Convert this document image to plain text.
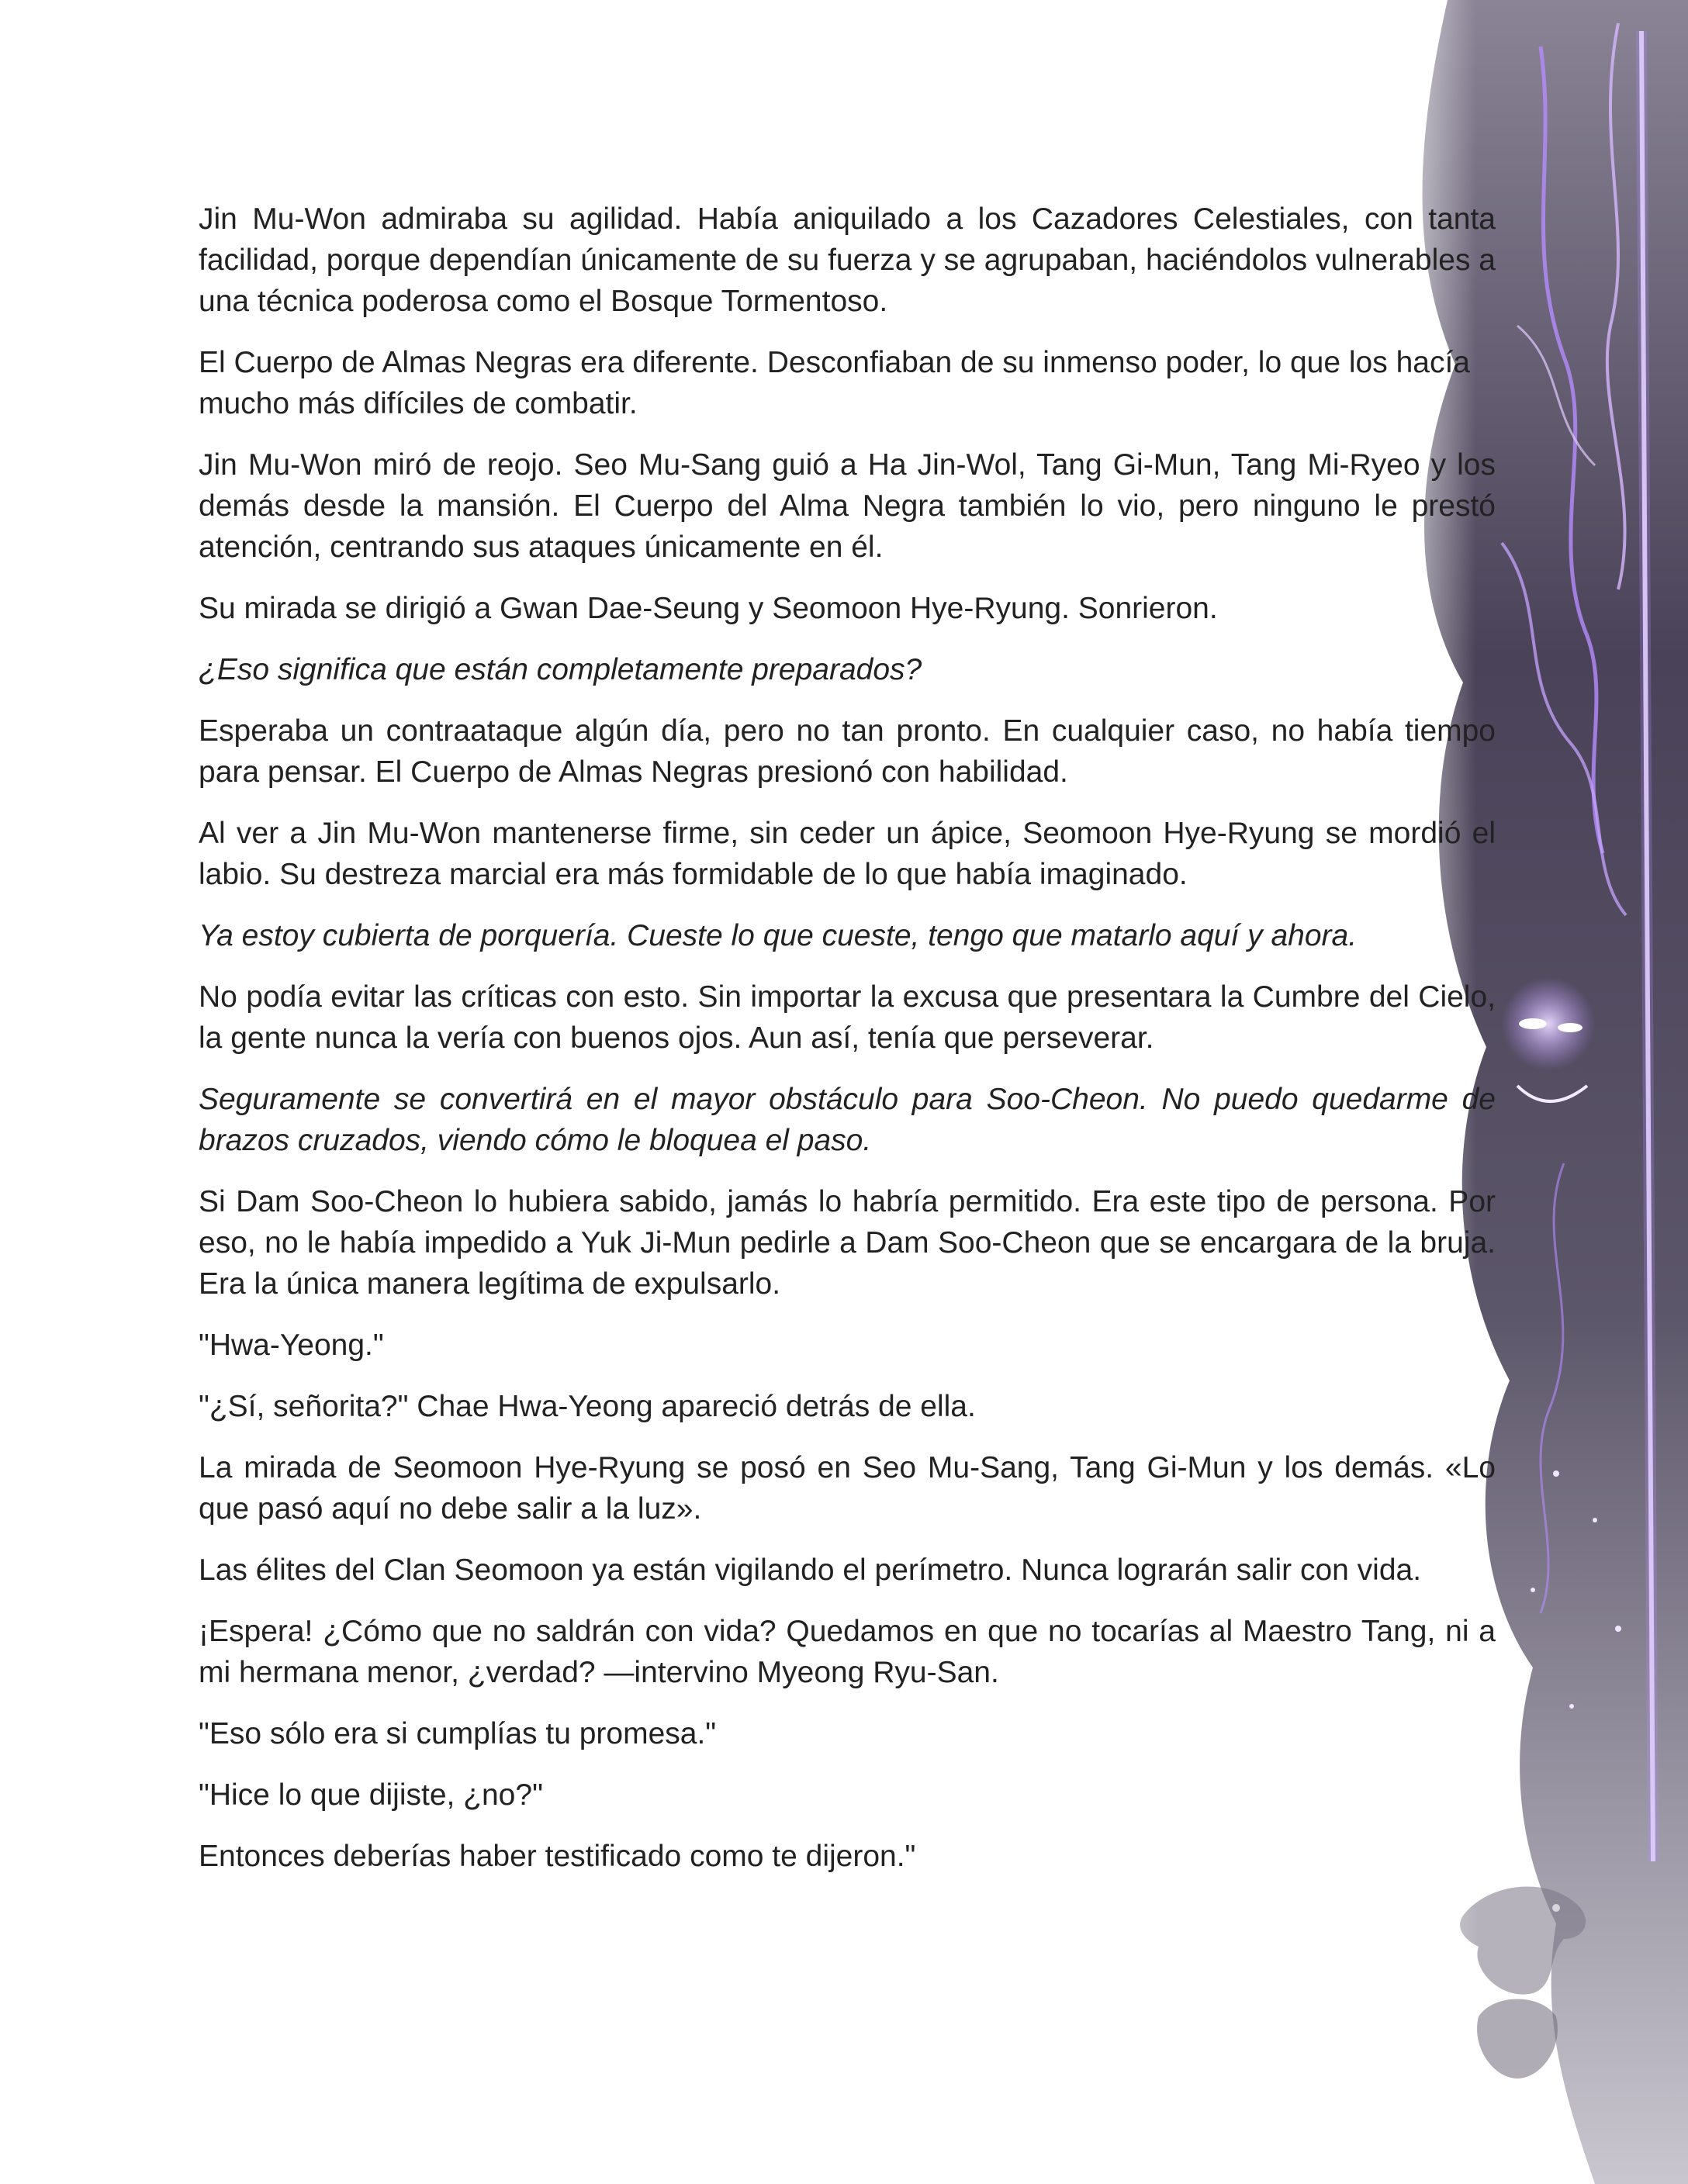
Jin Mu-Won admiraba su agilidad. Había aniquilado a los Cazadores Celestiales, con tanta facilidad, porque dependían únicamente de su fuerza y se agrupaban, haciéndolos vulnerables a una técnica poderosa como el Bosque Tormentoso.

El Cuerpo de Almas Negras era diferente. Desconfiaban de su inmenso poder, lo que los hacía mucho más difíciles de combatir.

Jin Mu-Won miró de reojo. Seo Mu-Sang guió a Ha Jin-Wol, Tang Gi-Mun, Tang Mi-Ryeo y los demás desde la mansión. El Cuerpo del Alma Negra también lo vio, pero ninguno le prestó atención, centrando sus ataques únicamente en él.

Su mirada se dirigió a Gwan Dae-Seung y Seomoon Hye-Ryung. Sonrieron.

¿Eso significa que están completamente preparados?

Esperaba un contraataque algún día, pero no tan pronto. En cualquier caso, no había tiempo para pensar. El Cuerpo de Almas Negras presionó con habilidad.

Al ver a Jin Mu-Won mantenerse firme, sin ceder un ápice, Seomoon Hye-Ryung se mordió el labio. Su destreza marcial era más formidable de lo que había imaginado.

Ya estoy cubierta de porquería. Cueste lo que cueste, tengo que matarlo aquí y ahora.

No podía evitar las críticas con esto. Sin importar la excusa que presentara la Cumbre del Cielo, la gente nunca la vería con buenos ojos. Aun así, tenía que perseverar.

Seguramente se convertirá en el mayor obstáculo para Soo-Cheon. No puedo quedarme de brazos cruzados, viendo cómo le bloquea el paso.

Si Dam Soo-Cheon lo hubiera sabido, jamás lo habría permitido. Era este tipo de persona. Por eso, no le había impedido a Yuk Ji-Mun pedirle a Dam Soo-Cheon que se encargara de la bruja. Era la única manera legítima de expulsarlo.

"Hwa-Yeong."

"¿Sí, señorita?" Chae Hwa-Yeong apareció detrás de ella.

La mirada de Seomoon Hye-Ryung se posó en Seo Mu-Sang, Tang Gi-Mun y los demás. «Lo que pasó aquí no debe salir a la luz».

Las élites del Clan Seomoon ya están vigilando el perímetro. Nunca lograrán salir con vida.

¡Espera! ¿Cómo que no saldrán con vida? Quedamos en que no tocarías al Maestro Tang, ni a mi hermana menor, ¿verdad? —intervino Myeong Ryu-San.

"Eso sólo era si cumplías tu promesa."

"Hice lo que dijiste, ¿no?"

Entonces deberías haber testificado como te dijeron."
